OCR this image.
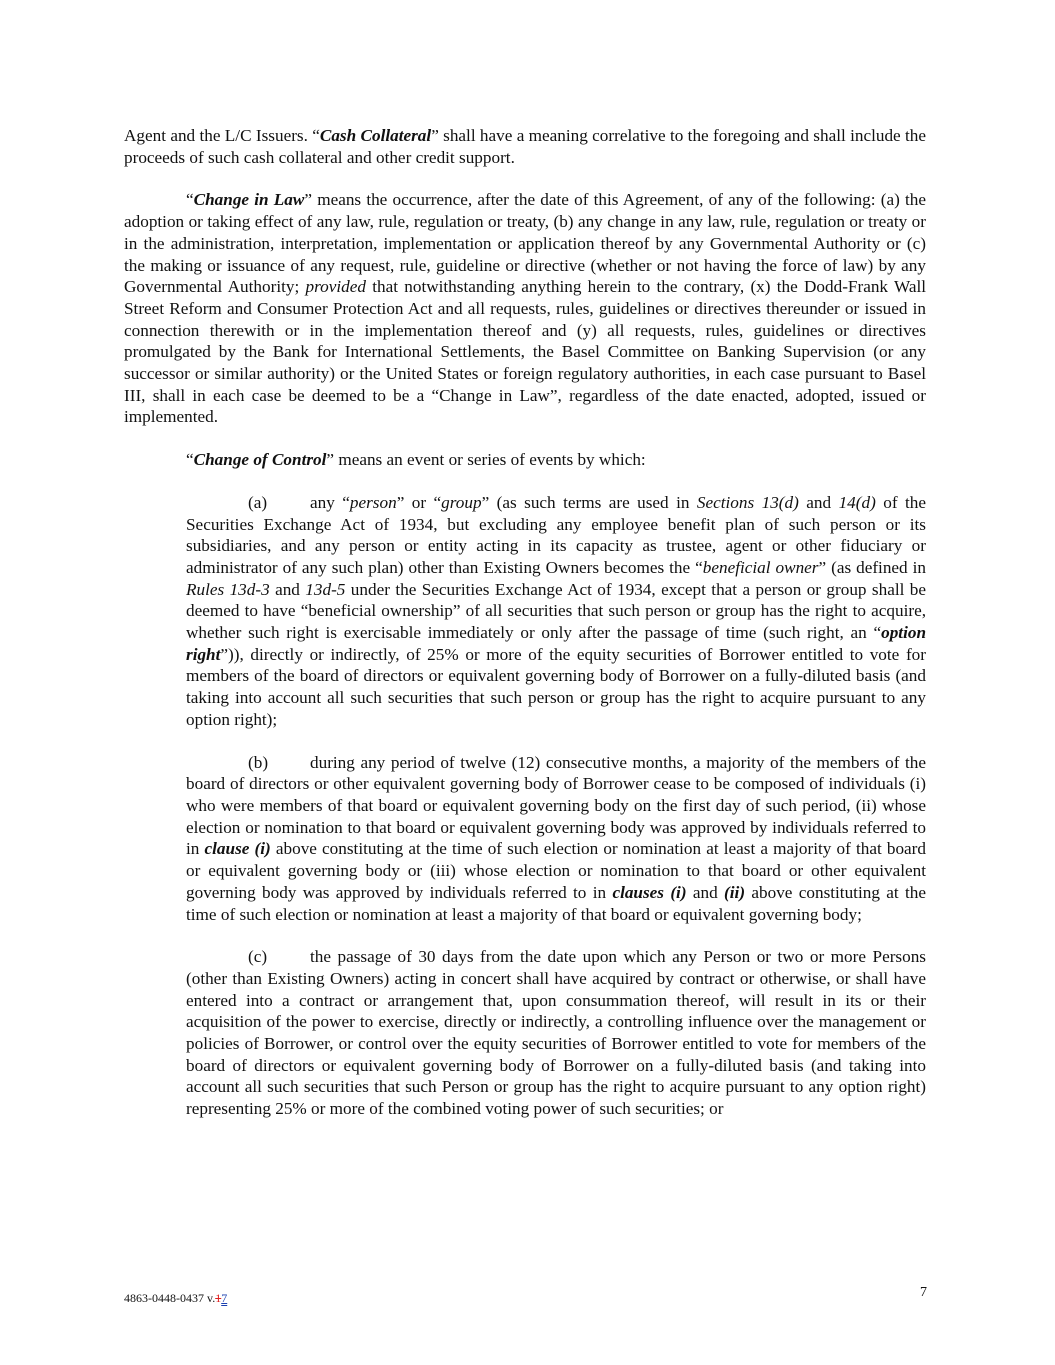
Agent and the L/C Issuers. “Cash Collateral” shall have a meaning correlative to the foregoing and shall include the proceeds of such cash collateral and other credit support.

“Change in Law” means the occurrence, after the date of this Agreement, of any of the following: (a) the adoption or taking effect of any law, rule, regulation or treaty, (b) any change in any law, rule, regulation or treaty or in the administration, interpretation, implementation or application thereof by any Governmental Authority or (c) the making or issuance of any request, rule, guideline or directive (whether or not having the force of law) by any Governmental Authority; provided that notwithstanding anything herein to the contrary, (x) the Dodd-Frank Wall Street Reform and Consumer Protection Act and all requests, rules, guidelines or directives thereunder or issued in connection therewith or in the implementation thereof and (y) all requests, rules, guidelines or directives promulgated by the Bank for International Settlements, the Basel Committee on Banking Supervision (or any successor or similar authority) or the United States or foreign regulatory authorities, in each case pursuant to Basel III, shall in each case be deemed to be a “Change in Law”, regardless of the date enacted, adopted, issued or implemented.

“Change of Control” means an event or series of events by which:

(a) any “person” or “group” (as such terms are used in Sections 13(d) and 14(d) of the Securities Exchange Act of 1934, but excluding any employee benefit plan of such person or its subsidiaries, and any person or entity acting in its capacity as trustee, agent or other fiduciary or administrator of any such plan) other than Existing Owners becomes the “beneficial owner” (as defined in Rules 13d-3 and 13d-5 under the Securities Exchange Act of 1934, except that a person or group shall be deemed to have “beneficial ownership” of all securities that such person or group has the right to acquire, whether such right is exercisable immediately or only after the passage of time (such right, an “option right”)), directly or indirectly, of 25% or more of the equity securities of Borrower entitled to vote for members of the board of directors or equivalent governing body of Borrower on a fully-diluted basis (and taking into account all such securities that such person or group has the right to acquire pursuant to any option right);

(b) during any period of twelve (12) consecutive months, a majority of the members of the board of directors or other equivalent governing body of Borrower cease to be composed of individuals (i) who were members of that board or equivalent governing body on the first day of such period, (ii) whose election or nomination to that board or equivalent governing body was approved by individuals referred to in clause (i) above constituting at the time of such election or nomination at least a majority of that board or equivalent governing body or (iii) whose election or nomination to that board or other equivalent governing body was approved by individuals referred to in clauses (i) and (ii) above constituting at the time of such election or nomination at least a majority of that board or equivalent governing body;

(c) the passage of 30 days from the date upon which any Person or two or more Persons (other than Existing Owners) acting in concert shall have acquired by contract or otherwise, or shall have entered into a contract or arrangement that, upon consummation thereof, will result in its or their acquisition of the power to exercise, directly or indirectly, a controlling influence over the management or policies of Borrower, or control over the equity securities of Borrower entitled to vote for members of the board of directors or equivalent governing body of Borrower on a fully-diluted basis (and taking into account all such securities that such Person or group has the right to acquire pursuant to any option right) representing 25% or more of the combined voting power of such securities; or

4863-0448-0437 v.17	7
